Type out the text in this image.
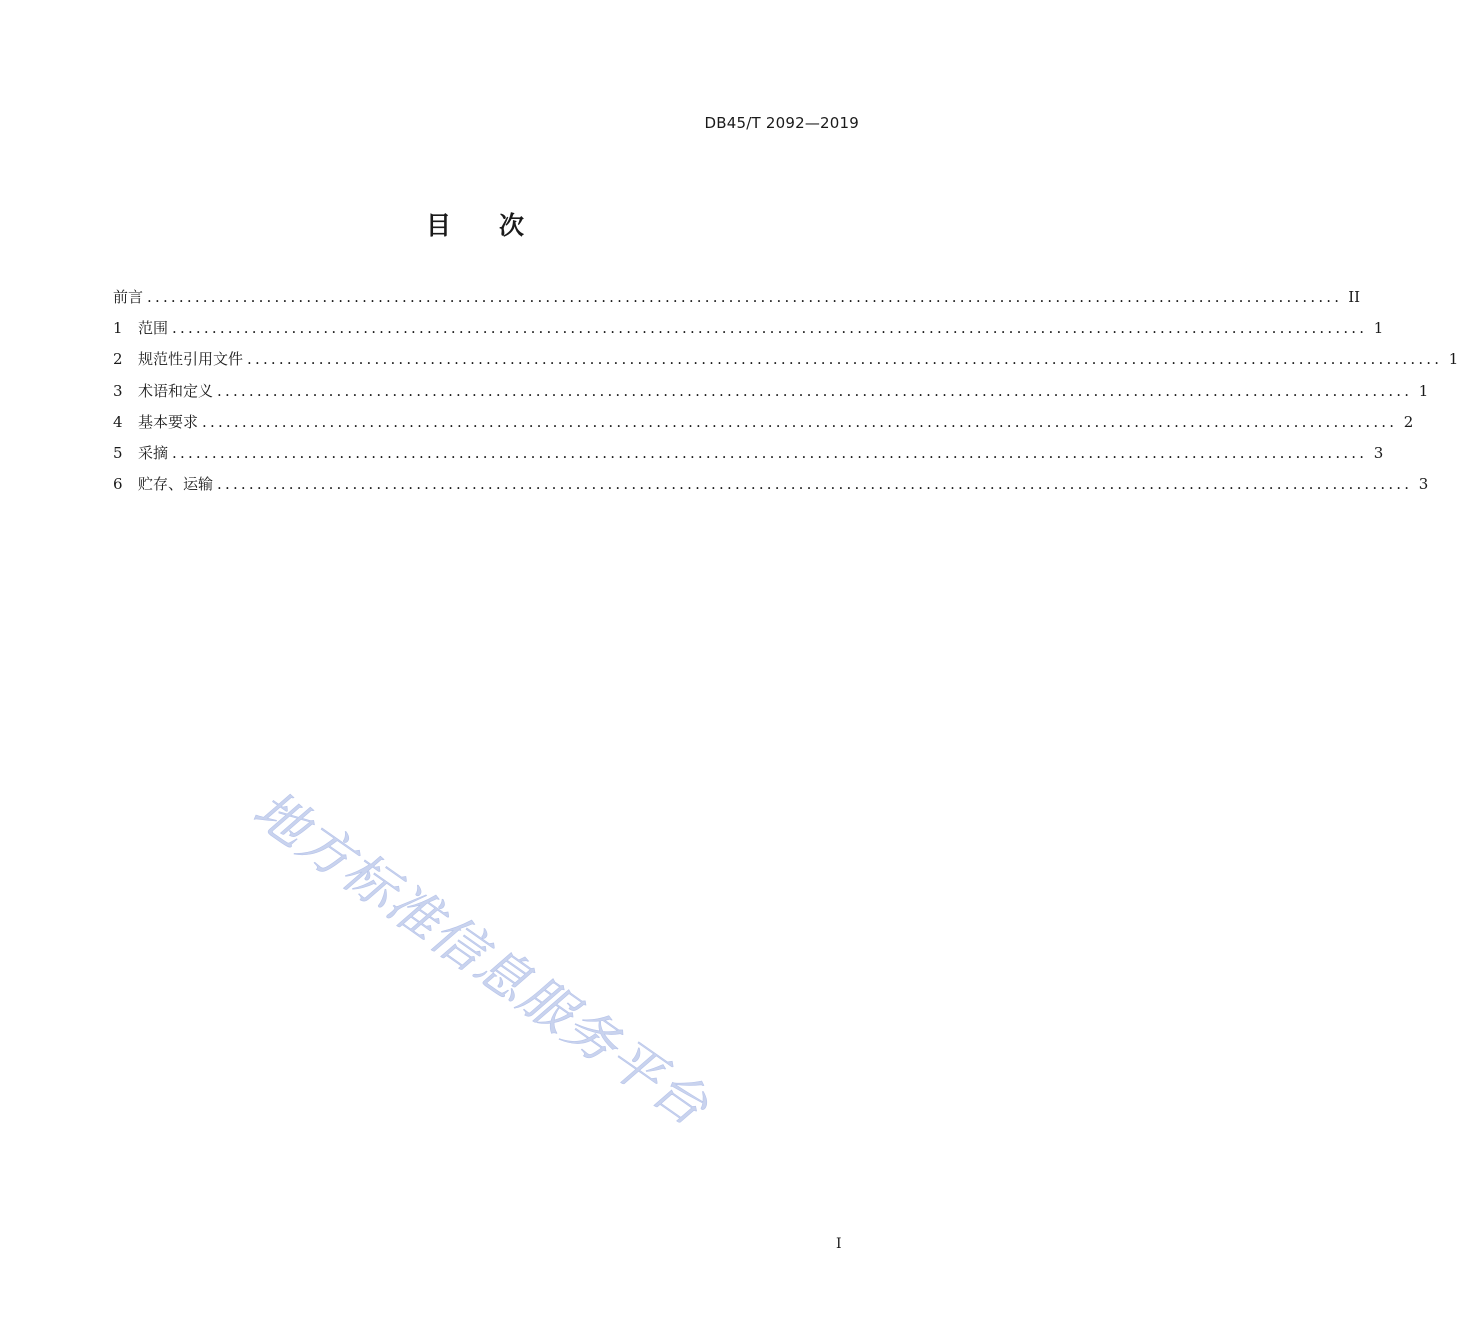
DB45/T 2092—2019
目 次
前言 ...................................................................................................................................................... II
1	范围 ...................................................................................................................................................... 1
2	规范性引用文件 ...................................................................................................................................................... 1
3	术语和定义 ...................................................................................................................................................... 1
4	基本要求 ...................................................................................................................................................... 2
5	采摘 ...................................................................................................................................................... 3
6	贮存、运输 ...................................................................................................................................................... 3
地方标准信息服务平台
I
